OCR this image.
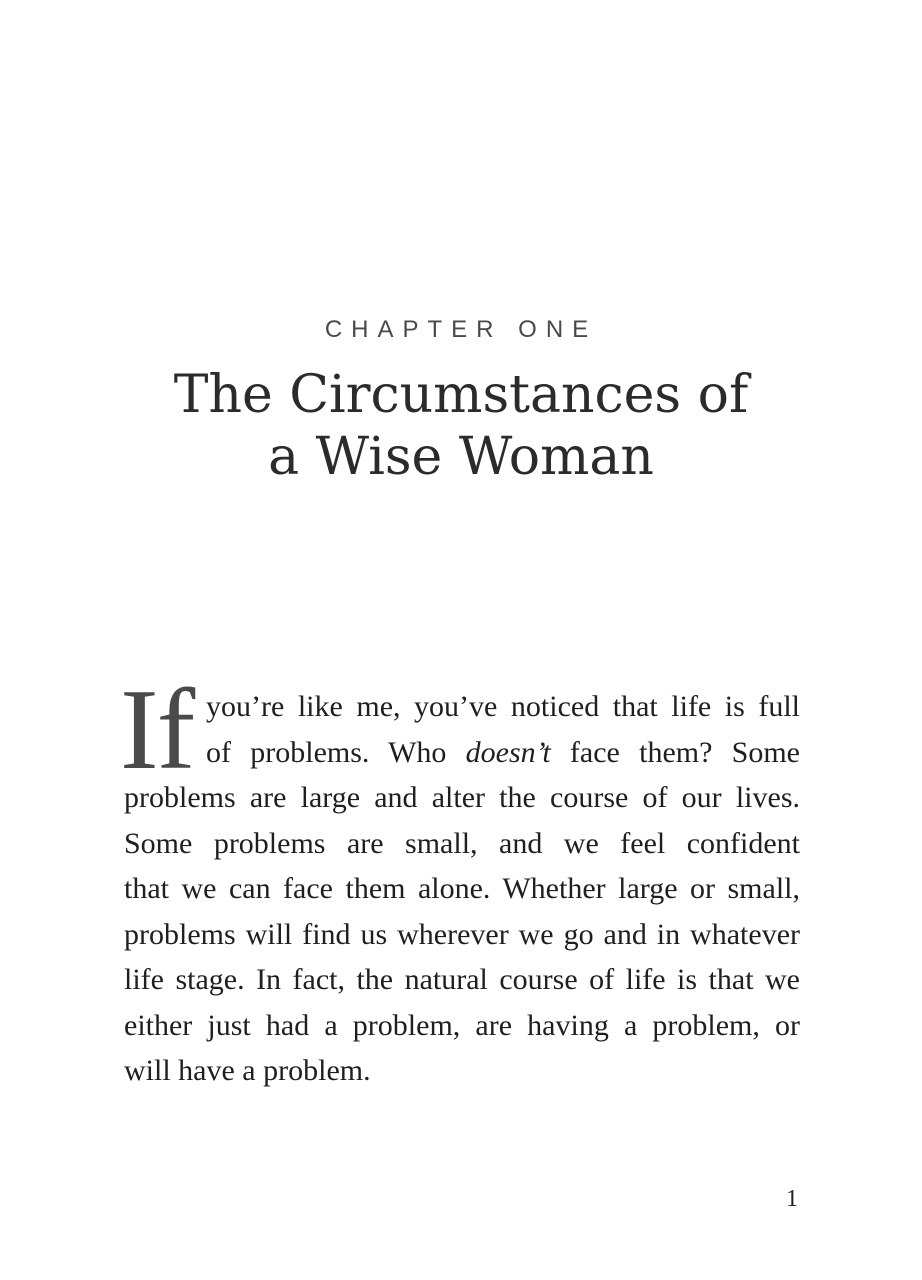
CHAPTER ONE
The Circumstances of
a Wise Woman
If you’re like me, you’ve noticed that life is full
of problems. Who doesn’t face them? Some
problems are large and alter the course of our lives.
Some problems are small, and we feel confident
that we can face them alone. Whether large or small,
problems will find us wherever we go and in whatever
life stage. In fact, the natural course of life is that we
either just had a problem, are having a problem, or
will have a problem.
1
